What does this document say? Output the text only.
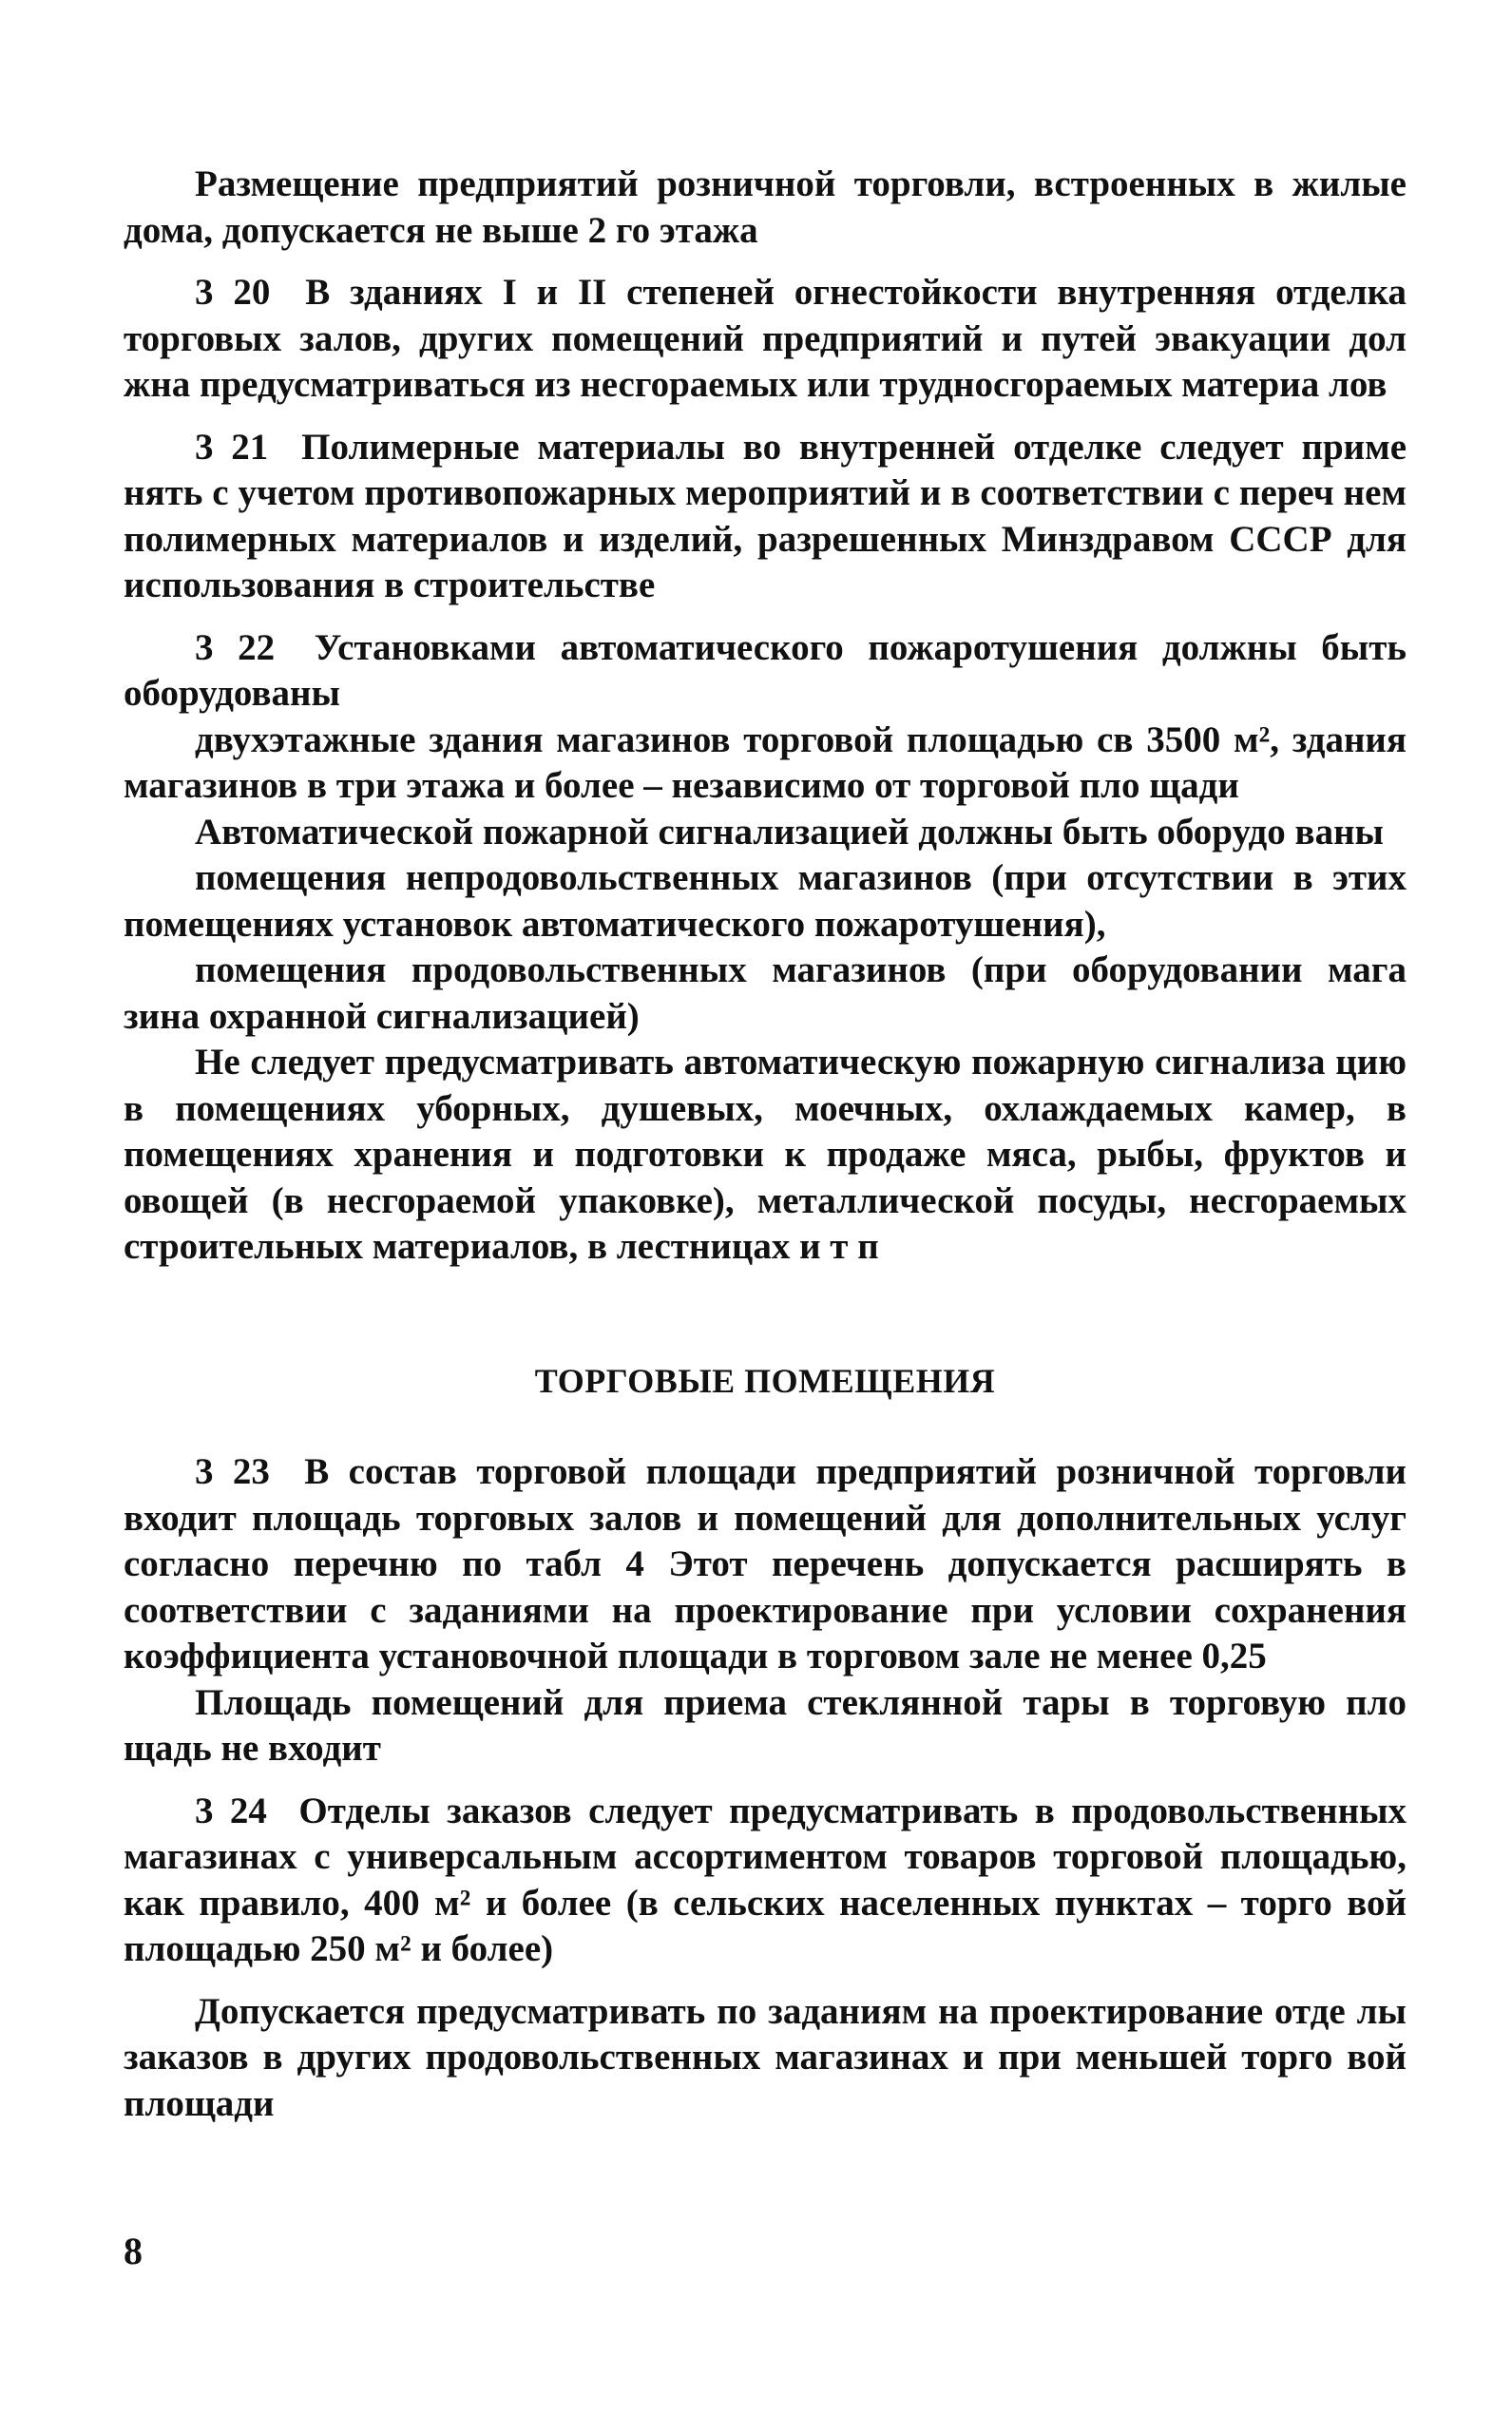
Размещение предприятий розничной торговли, встроенных в жилые дома, допускается не выше 2 го этажа

3 20 В зданиях I и II степеней огнестойкости внутренняя отделка торговых залов, других помещений предприятий и путей эвакуации дол жна предусматриваться из несгораемых или трудносгораемых материа лов

3 21 Полимерные материалы во внутренней отделке следует приме нять с учетом противопожарных мероприятий и в соответствии с переч нем полимерных материалов и изделий, разрешенных Минздравом СССР для использования в строительстве

3 22 Установками автоматического пожаротушения должны быть оборудованы

двухэтажные здания магазинов торговой площадью св 3500 м², здания магазинов в три этажа и более – независимо от торговой пло щади

Автоматической пожарной сигнализацией должны быть оборудо ваны

помещения непродовольственных магазинов (при отсутствии в этих помещениях установок автоматического пожаротушения),

помещения продовольственных магазинов (при оборудовании мага зина охранной сигнализацией)

Не следует предусматривать автоматическую пожарную сигнализа цию в помещениях уборных, душевых, моечных, охлаждаемых камер, в помещениях хранения и подготовки к продаже мяса, рыбы, фруктов и овощей (в несгораемой упаковке), металлической посуды, несгораемых строительных материалов, в лестницах и т п

ТОРГОВЫЕ ПОМЕЩЕНИЯ

3 23 В состав торговой площади предприятий розничной торговли входит площадь торговых залов и помещений для дополнительных услуг согласно перечню по табл 4 Этот перечень допускается расширять в соответствии с заданиями на проектирование при условии сохранения коэффициента установочной площади в торговом зале не менее 0,25

Площадь помещений для приема стеклянной тары в торговую пло щадь не входит

3 24 Отделы заказов следует предусматривать в продовольственных магазинах с универсальным ассортиментом товаров торговой площадью, как правило, 400 м² и более (в сельских населенных пунктах – торго вой площадью 250 м² и более)

Допускается предусматривать по заданиям на проектирование отде лы заказов в других продовольственных магазинах и при меньшей торго вой площади

8
